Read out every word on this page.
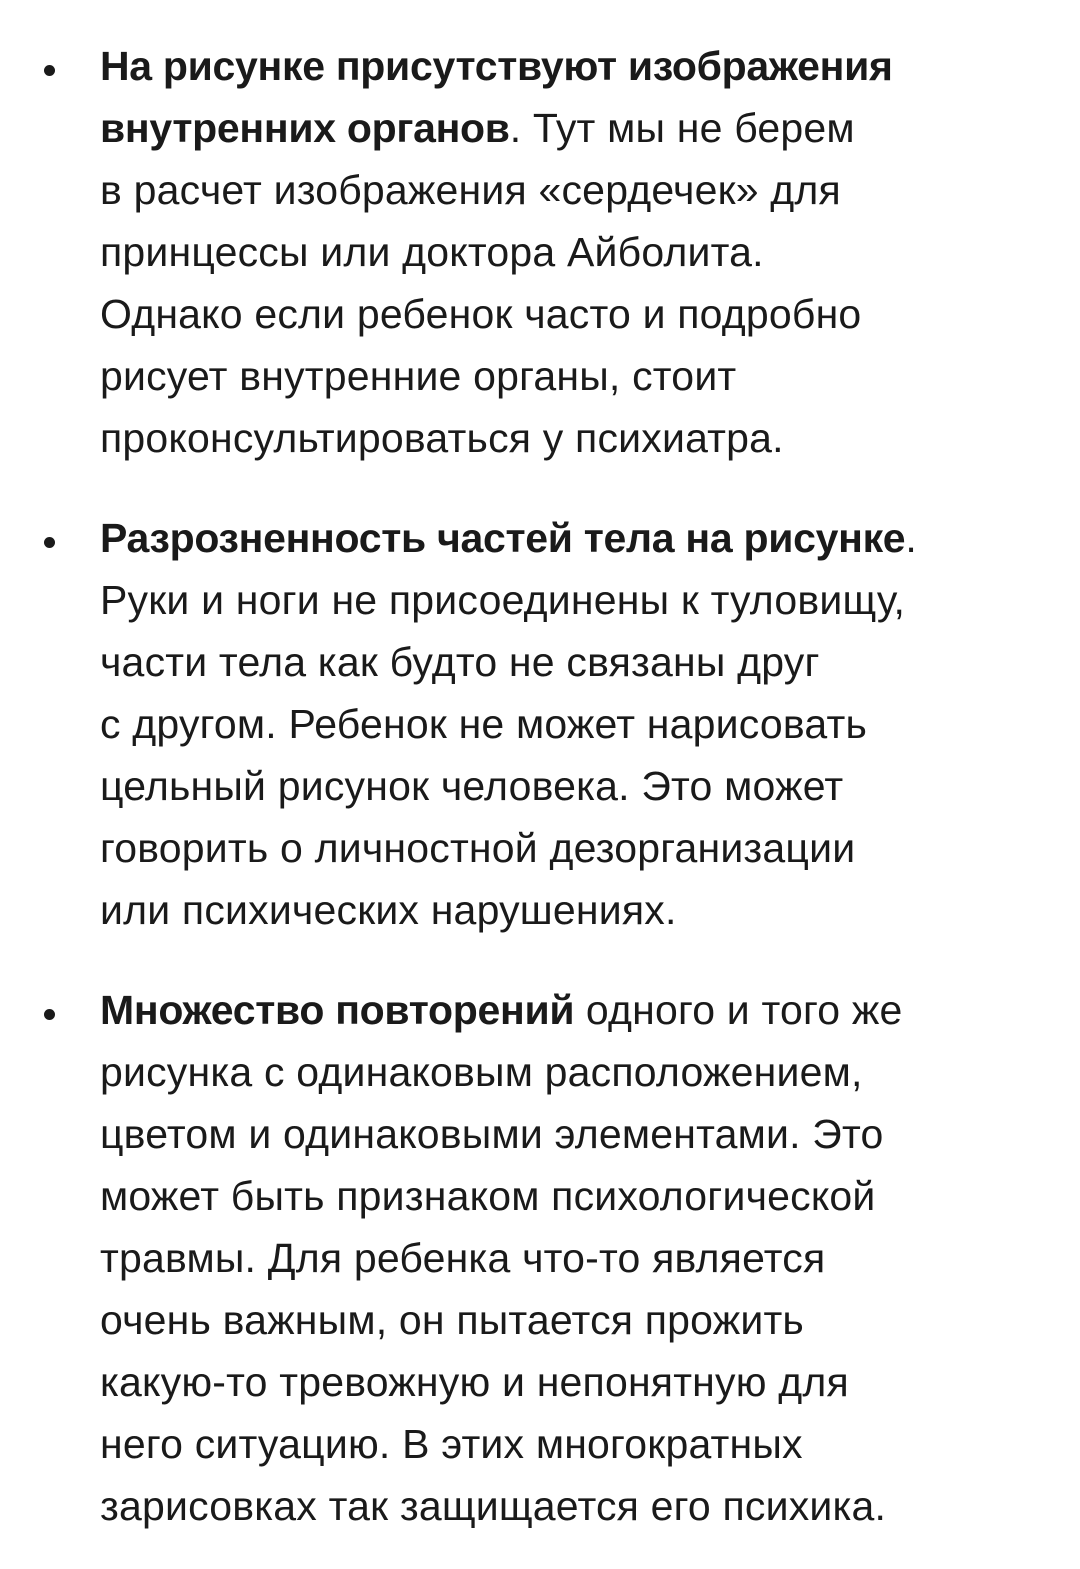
На рисунке присутствуют изображения
внутренних органов. Тут мы не берем
в расчет изображения «сердечек» для
принцессы или доктора Айболита.
Однако если ребенок часто и подробно
рисует внутренние органы, стоит
проконсультироваться у психиатра.
Разрозненность частей тела на рисунке.
Руки и ноги не присоединены к туловищу,
части тела как будто не связаны друг
с другом. Ребенок не может нарисовать
цельный рисунок человека. Это может
говорить о личностной дезорганизации
или психических нарушениях.
Множество повторений одного и того же
рисунка с одинаковым расположением,
цветом и одинаковыми элементами. Это
может быть признаком психологической
травмы. Для ребенка что-то является
очень важным, он пытается прожить
какую-то тревожную и непонятную для
него ситуацию. В этих многократных
зарисовках так защищается его психика.
